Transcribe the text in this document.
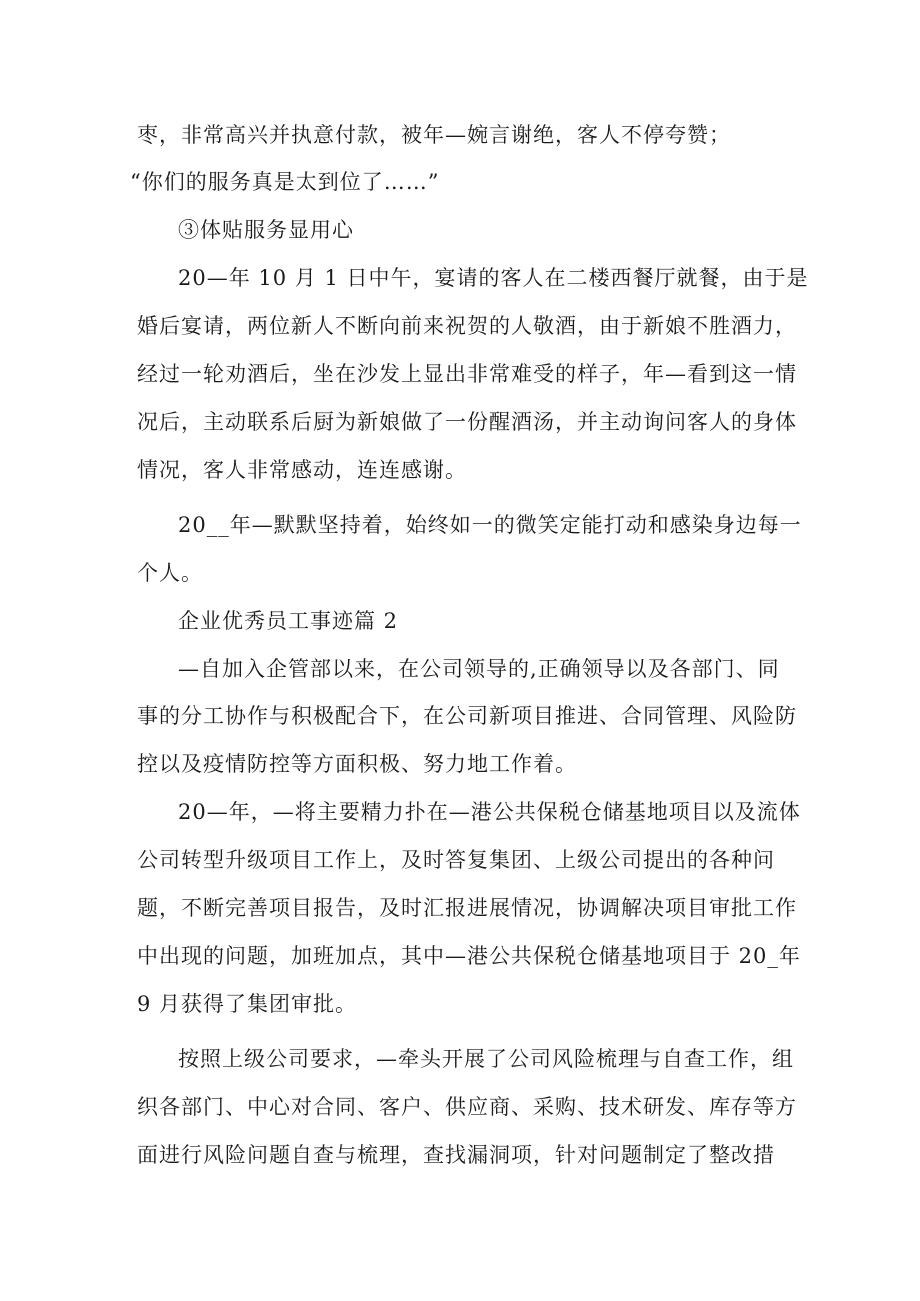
枣，非常高兴并执意付款，被年—婉言谢绝，客人不停夸赞；
“你们的服务真是太到位了……”
③体贴服务显用心
20—年 10 月 1 日中午，宴请的客人在二楼西餐厅就餐，由于是
婚后宴请，两位新人不断向前来祝贺的人敬酒，由于新娘不胜酒力，
经过一轮劝酒后，坐在沙发上显出非常难受的样子，年—看到这一情
况后，主动联系后厨为新娘做了一份醒酒汤，并主动询问客人的身体
情况，客人非常感动，连连感谢。
20__年—默默坚持着，始终如一的微笑定能打动和感染身边每一
个人。
企业优秀员工事迹篇 2
—自加入企管部以来，在公司领导的,正确领导以及各部门、同
事的分工协作与积极配合下，在公司新项目推进、合同管理、风险防
控以及疫情防控等方面积极、努力地工作着。
20—年，—将主要精力扑在—港公共保税仓储基地项目以及流体
公司转型升级项目工作上，及时答复集团、上级公司提出的各种问
题，不断完善项目报告，及时汇报进展情况，协调解决项目审批工作
中出现的问题，加班加点，其中—港公共保税仓储基地项目于 20_年
9 月获得了集团审批。
按照上级公司要求，—牵头开展了公司风险梳理与自查工作，组
织各部门、中心对合同、客户、供应商、采购、技术研发、库存等方
面进行风险问题自查与梳理，查找漏洞项，针对问题制定了整改措
